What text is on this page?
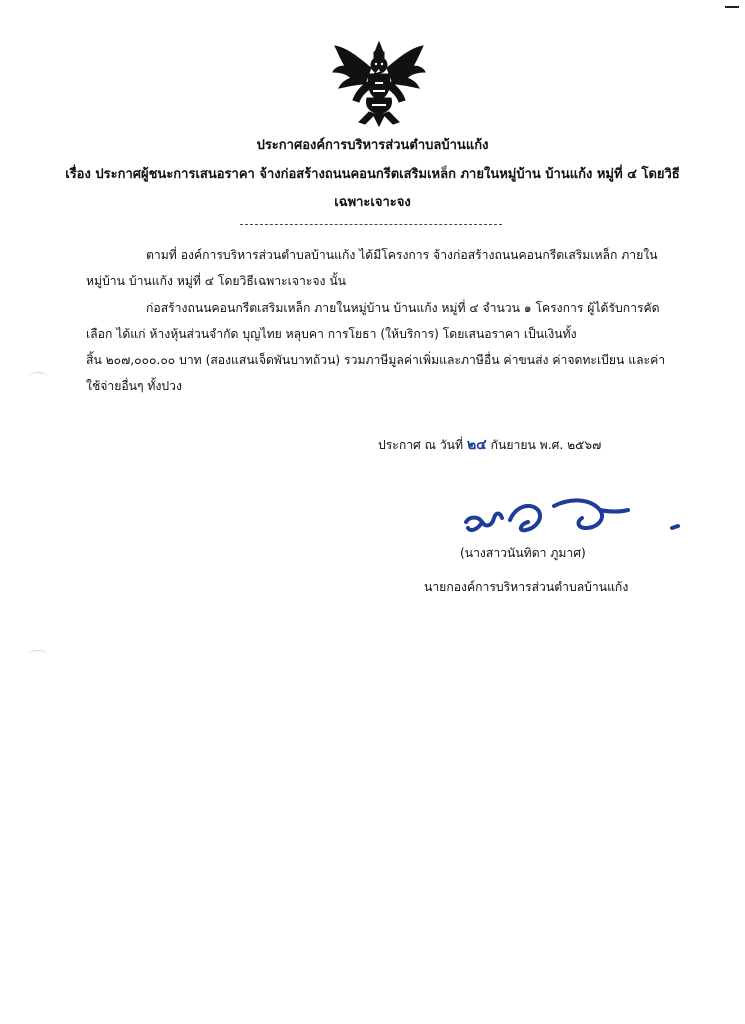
ประกาศองค์การบริหารส่วนตำบลบ้านแก้ง
เรื่อง ประกาศผู้ชนะการเสนอราคา จ้างก่อสร้างถนนคอนกรีตเสริมเหล็ก ภายในหมู่บ้าน บ้านแก้ง หมู่ที่ ๔ โดยวิธี
เฉพาะเจาะจง
ตามที่ องค์การบริหารส่วนตำบลบ้านแก้ง ได้มีโครงการ จ้างก่อสร้างถนนคอนกรีตเสริมเหล็ก ภายใน
หมู่บ้าน บ้านแก้ง หมู่ที่ ๔ โดยวิธีเฉพาะเจาะจง นั้น
ก่อสร้างถนนคอนกรีตเสริมเหล็ก ภายในหมู่บ้าน บ้านแก้ง หมู่ที่ ๔ จำนวน ๑ โครงการ ผู้ได้รับการคัด
เลือก ได้แก่ ห้างหุ้นส่วนจำกัด บุญไทย หลุบคา การโยธา (ให้บริการ) โดยเสนอราคา เป็นเงินทั้ง
สิ้น ๒๐๗,๐๐๐.๐๐ บาท (สองแสนเจ็ดพันบาทถ้วน) รวมภาษีมูลค่าเพิ่มและภาษีอื่น ค่าขนส่ง ค่าจดทะเบียน และค่า
ใช้จ่ายอื่นๆ ทั้งปวง
ประกาศ ณ วันที่ ๒๔ กันยายน พ.ศ. ๒๕๖๗
(นางสาวนันทิดา ภูมาศ)
นายกองค์การบริหารส่วนตำบลบ้านแก้ง
